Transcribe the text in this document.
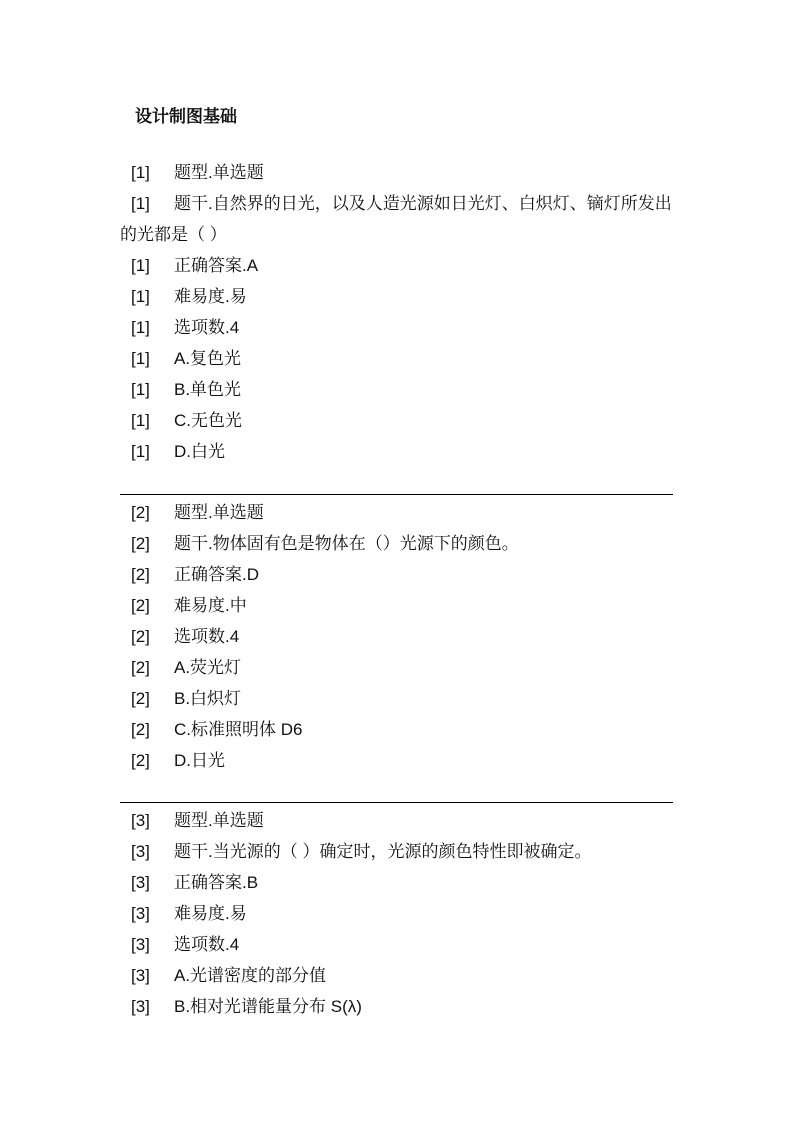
设计制图基础
[1] 题型.单选题
[1] 题干.自然界的日光，以及人造光源如日光灯、白炽灯、镝灯所发出的光都是（ ）
[1] 正确答案.A
[1] 难易度.易
[1] 选项数.4
[1] A.复色光
[1] B.单色光
[1] C.无色光
[1] D.白光
[2] 题型.单选题
[2] 题干.物体固有色是物体在（）光源下的颜色。
[2] 正确答案.D
[2] 难易度.中
[2] 选项数.4
[2] A.荧光灯
[2] B.白炽灯
[2] C.标准照明体 D6
[2] D.日光
[3] 题型.单选题
[3] 题干.当光源的（ ）确定时，光源的颜色特性即被确定。
[3] 正确答案.B
[3] 难易度.易
[3] 选项数.4
[3] A.光谱密度的部分值
[3] B.相对光谱能量分布 S(λ)
